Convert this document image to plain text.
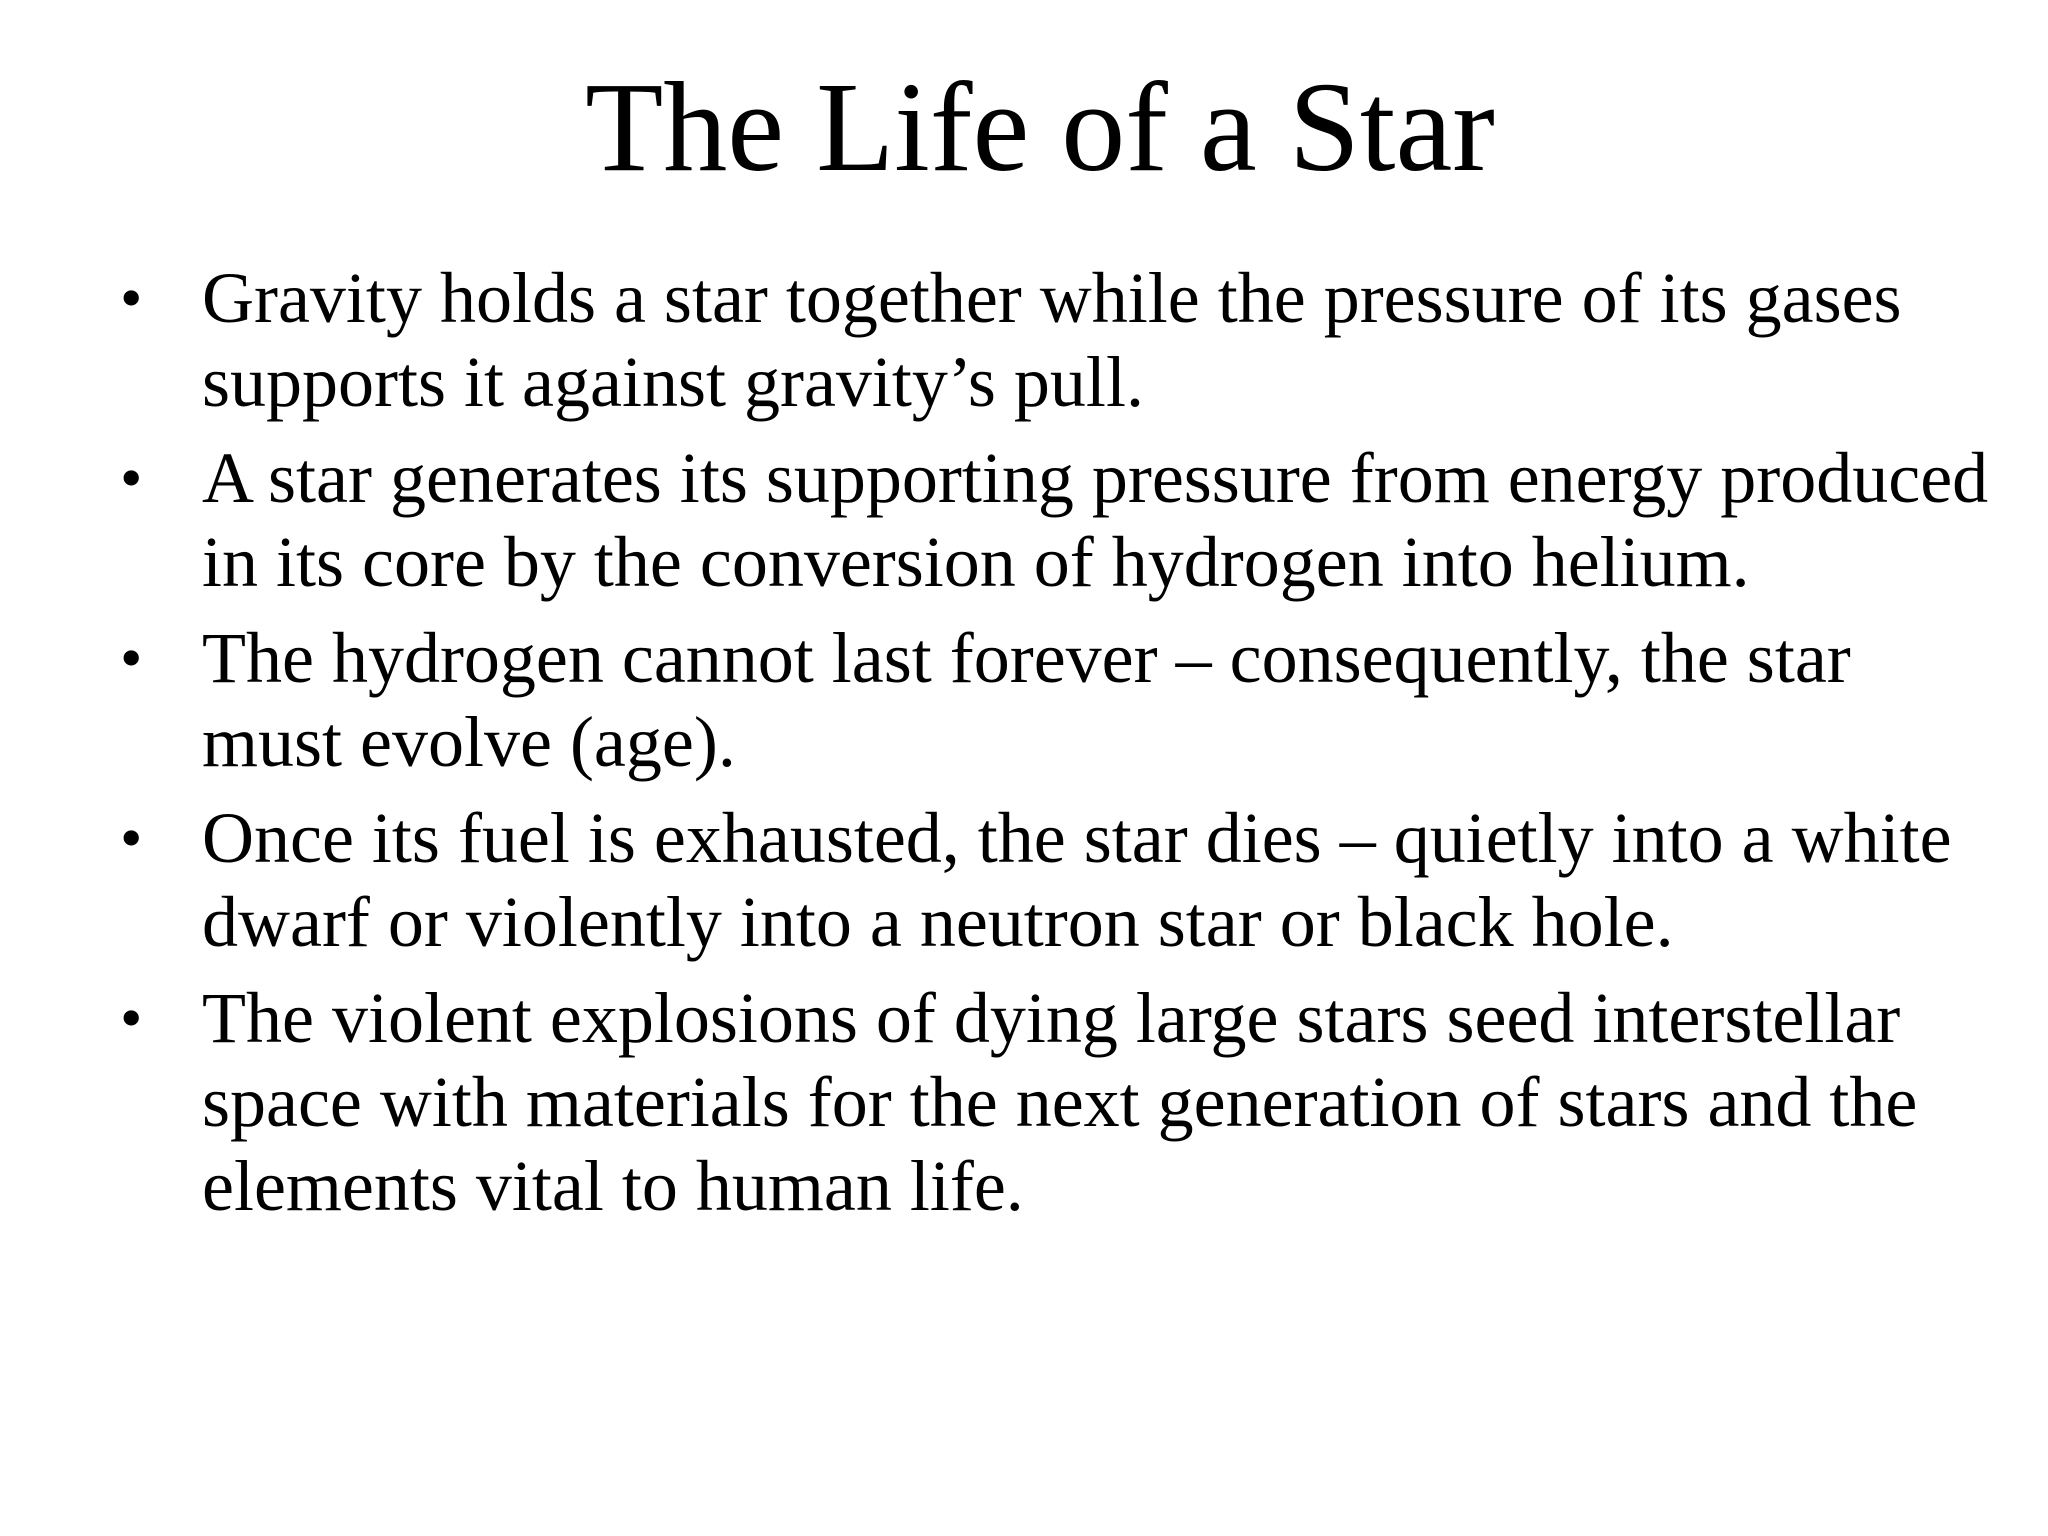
The Life of a Star
• Gravity holds a star together while the pressure of its gases supports it against gravity’s pull.
• A star generates its supporting pressure from energy produced in its core by the conversion of hydrogen into helium.
• The hydrogen cannot last forever – consequently, the star must evolve (age).
• Once its fuel is exhausted, the star dies – quietly into a white dwarf or violently into a neutron star or black hole.
• The violent explosions of dying large stars seed interstellar space with materials for the next generation of stars and the elements vital to human life.
